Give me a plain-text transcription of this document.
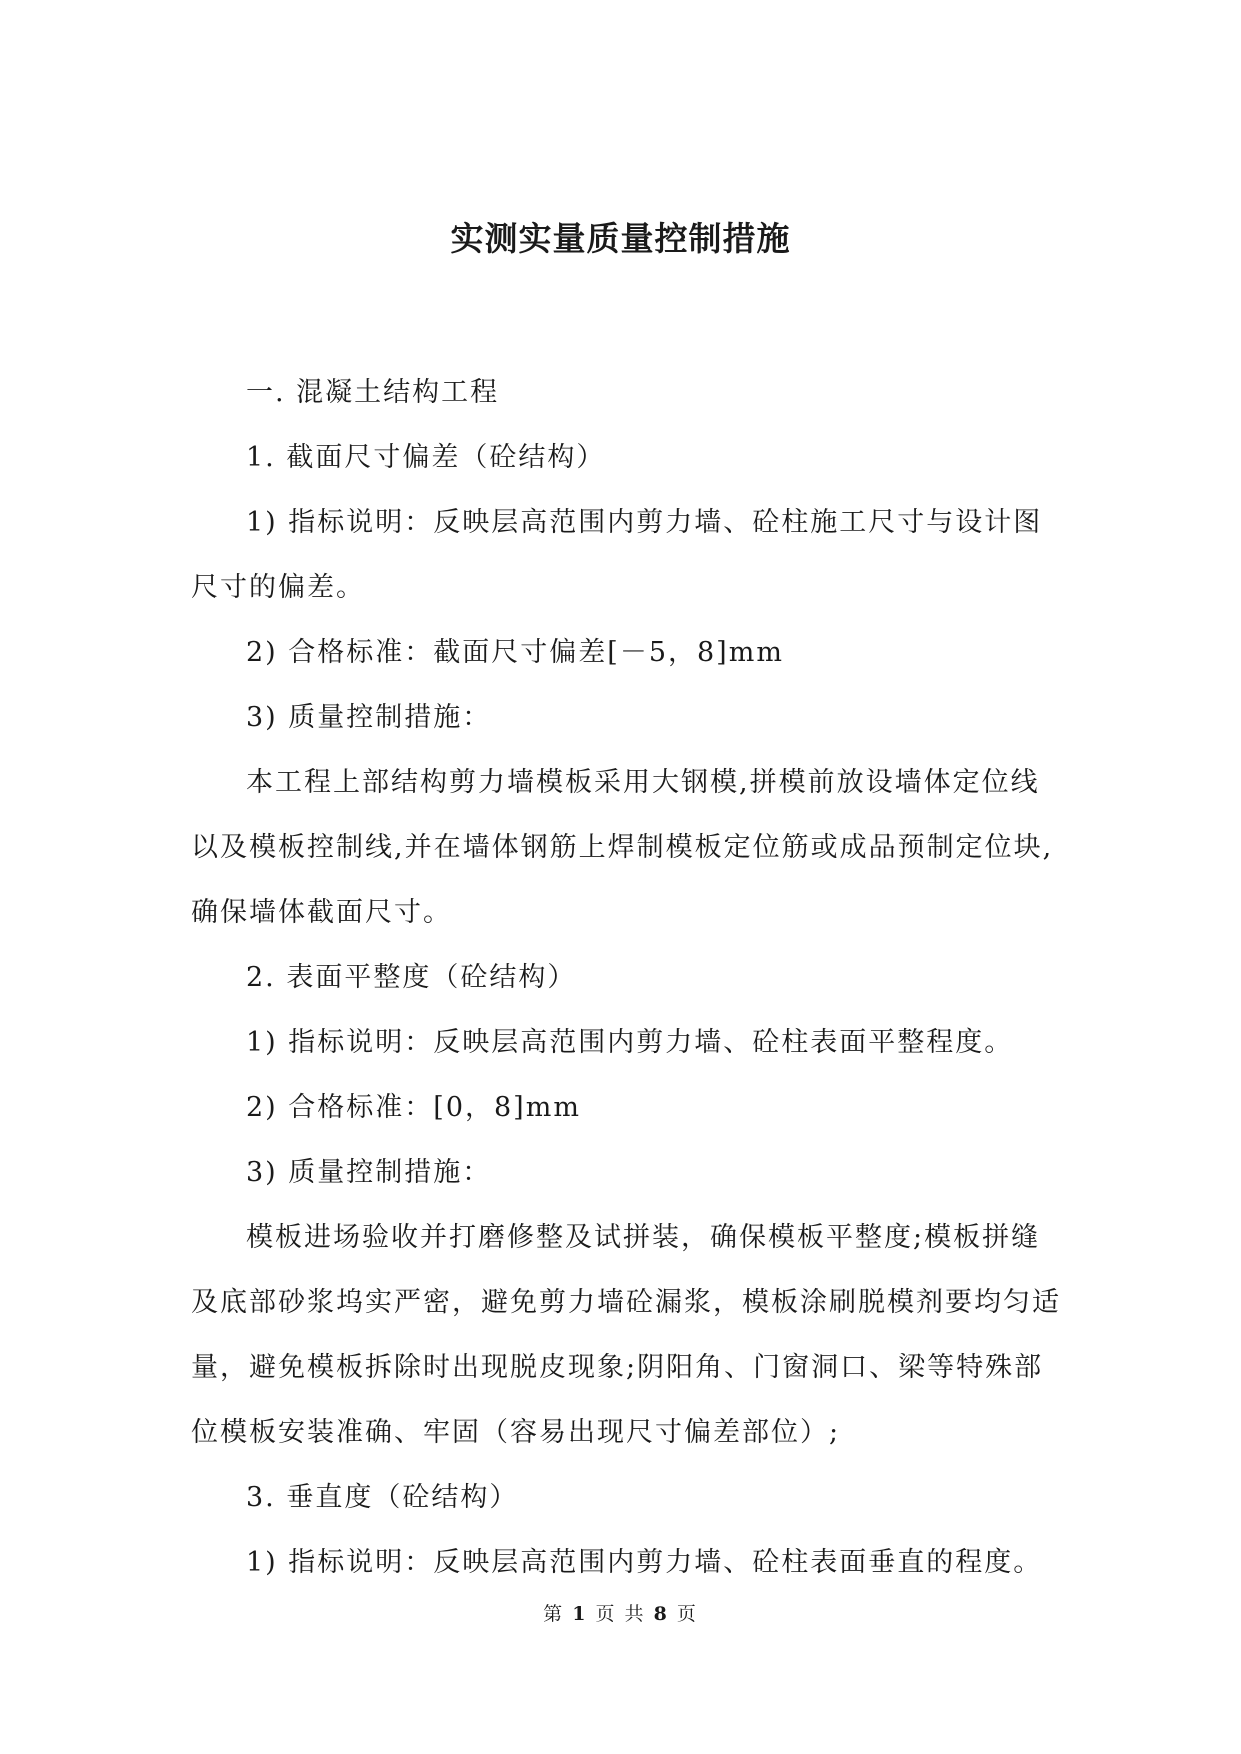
实测实量质量控制措施
一. 混凝土结构工程
1. 截面尺寸偏差（砼结构）
1) 指标说明：反映层高范围内剪力墙、砼柱施工尺寸与设计图
尺寸的偏差。
2) 合格标准：截面尺寸偏差[－5，8]mm
3) 质量控制措施：
本工程上部结构剪力墙模板采用大钢模,拼模前放设墙体定位线
以及模板控制线,并在墙体钢筋上焊制模板定位筋或成品预制定位块,
确保墙体截面尺寸。
2. 表面平整度（砼结构）
1) 指标说明：反映层高范围内剪力墙、砼柱表面平整程度。
2) 合格标准：[0，8]mm
3) 质量控制措施：
模板进场验收并打磨修整及试拼装，确保模板平整度;模板拼缝
及底部砂浆坞实严密，避免剪力墙砼漏浆，模板涂刷脱模剂要均匀适
量，避免模板拆除时出现脱皮现象;阴阳角、门窗洞口、梁等特殊部
位模板安装准确、牢固（容易出现尺寸偏差部位）;
3. 垂直度（砼结构）
1) 指标说明：反映层高范围内剪力墙、砼柱表面垂直的程度。
第 1 页 共 8 页
